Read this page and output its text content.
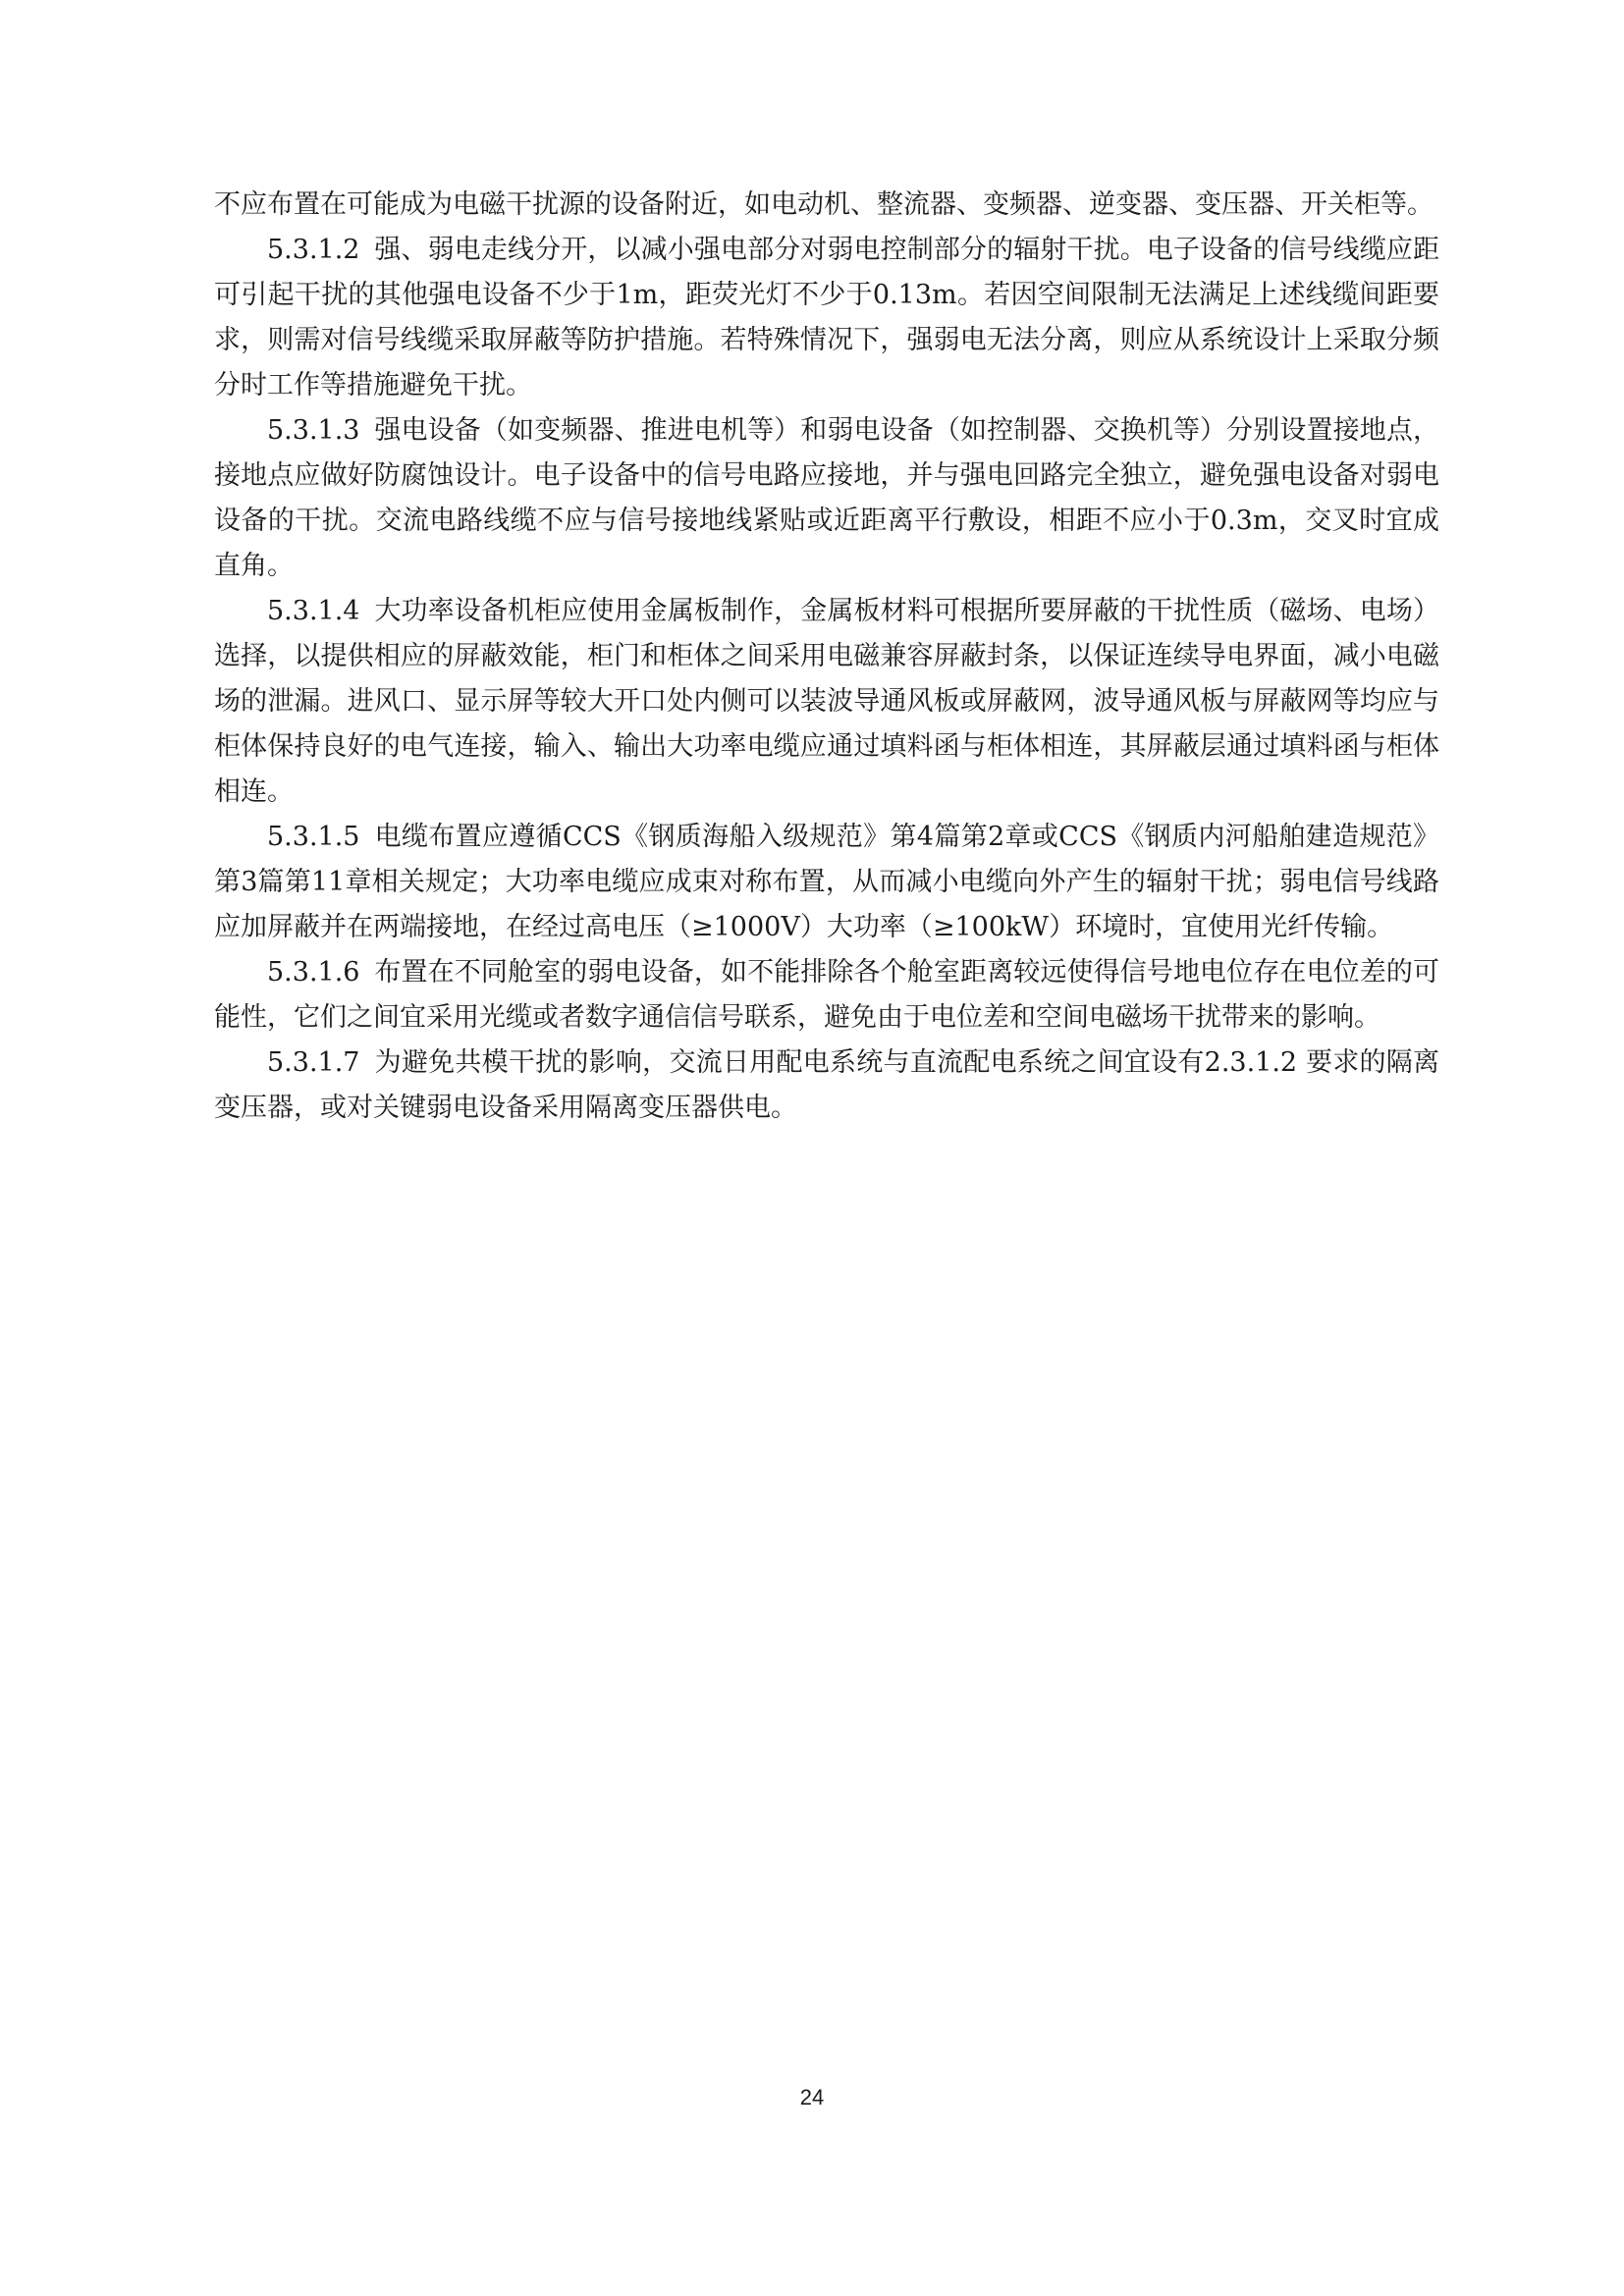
不应布置在可能成为电磁干扰源的设备附近，如电动机、整流器、变频器、逆变器、变压器、开关柜等。

5.3.1.2 强、弱电走线分开，以减小强电部分对弱电控制部分的辐射干扰。电子设备的信号线缆应距可引起干扰的其他强电设备不少于1m，距荧光灯不少于0.13m。若因空间限制无法满足上述线缆间距要求，则需对信号线缆采取屏蔽等防护措施。若特殊情况下，强弱电无法分离，则应从系统设计上采取分频分时工作等措施避免干扰。

5.3.1.3 强电设备（如变频器、推进电机等）和弱电设备（如控制器、交换机等）分别设置接地点，接地点应做好防腐蚀设计。电子设备中的信号电路应接地，并与强电回路完全独立，避免强电设备对弱电设备的干扰。交流电路线缆不应与信号接地线紧贴或近距离平行敷设，相距不应小于0.3m，交叉时宜成直角。

5.3.1.4 大功率设备机柜应使用金属板制作，金属板材料可根据所要屏蔽的干扰性质（磁场、电场）选择，以提供相应的屏蔽效能，柜门和柜体之间采用电磁兼容屏蔽封条，以保证连续导电界面，减小电磁场的泄漏。进风口、显示屏等较大开口处内侧可以装波导通风板或屏蔽网，波导通风板与屏蔽网等均应与柜体保持良好的电气连接，输入、输出大功率电缆应通过填料函与柜体相连，其屏蔽层通过填料函与柜体相连。

5.3.1.5 电缆布置应遵循CCS《钢质海船入级规范》第4篇第2章或CCS《钢质内河船舶建造规范》第3篇第11章相关规定；大功率电缆应成束对称布置，从而减小电缆向外产生的辐射干扰；弱电信号线路应加屏蔽并在两端接地，在经过高电压（≥1000V）大功率（≥100kW）环境时，宜使用光纤传输。

5.3.1.6 布置在不同舱室的弱电设备，如不能排除各个舱室距离较远使得信号地电位存在电位差的可能性，它们之间宜采用光缆或者数字通信信号联系，避免由于电位差和空间电磁场干扰带来的影响。

5.3.1.7 为避免共模干扰的影响，交流日用配电系统与直流配电系统之间宜设有2.3.1.2 要求的隔离变压器，或对关键弱电设备采用隔离变压器供电。

24
